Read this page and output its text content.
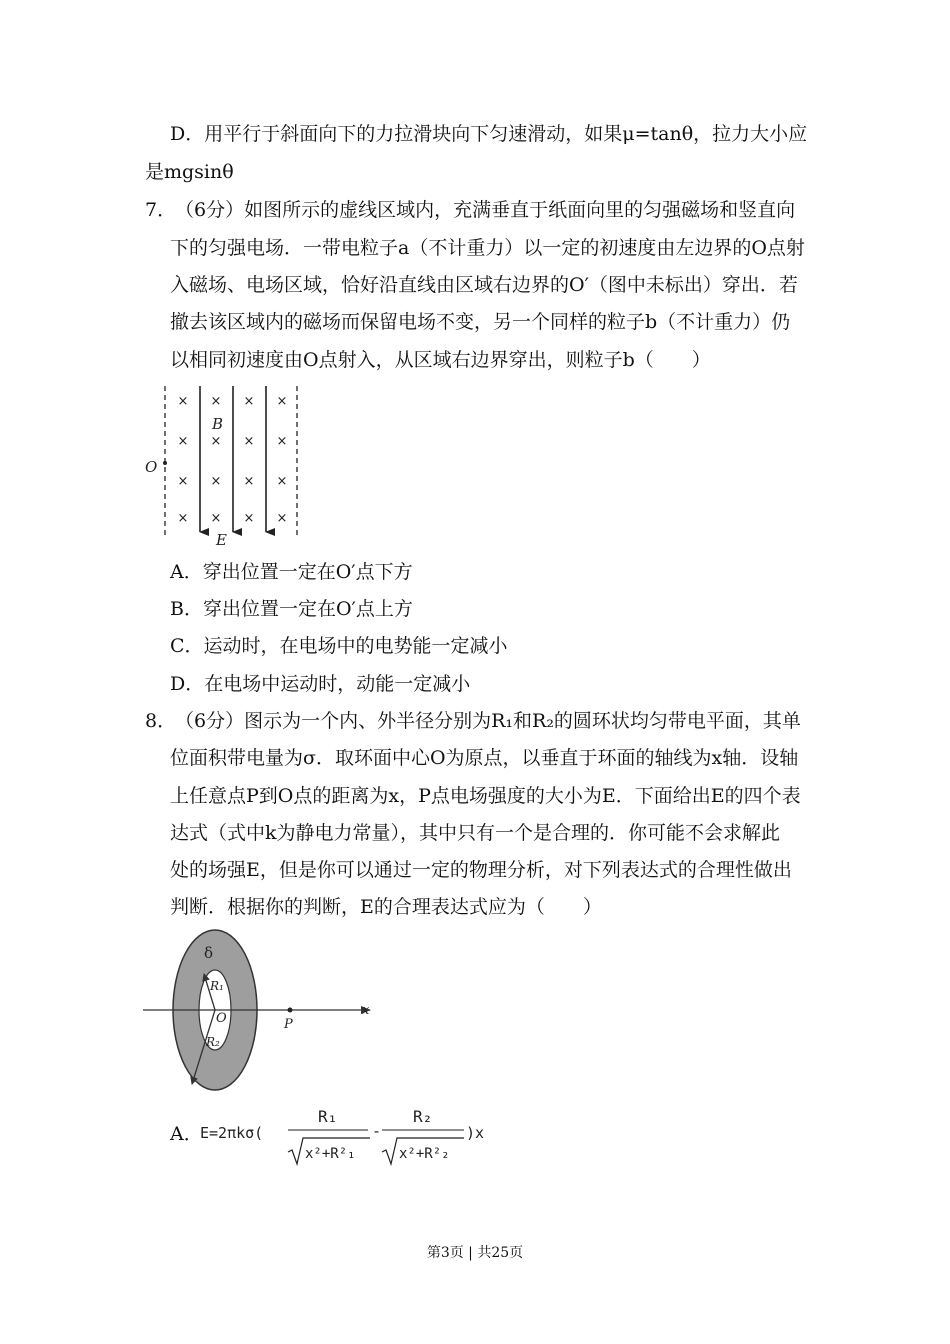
D．用平行于斜面向下的力拉滑块向下匀速滑动，如果μ=tanθ，拉力大小应
是mgsinθ
7．
（6分）如图所示的虚线区域内，充满垂直于纸面向里的匀强磁场和竖直向
下的匀强电场．一带电粒子a（不计重力）以一定的初速度由左边界的O点射
入磁场、电场区域，恰好沿直线由区域右边界的O′（图中未标出）穿出．若
撤去该区域内的磁场而保留电场不变，另一个同样的粒子b（不计重力）仍
以相同初速度由O点射入，从区域右边界穿出，则粒子b（　　）
× × × ×
× × × ×
× × × ×
× × × ×
O
B
E
A．穿出位置一定在O′点下方
B．穿出位置一定在O′点上方
C．运动时，在电场中的电势能一定减小
D．在电场中运动时，动能一定减小
8．
（6分）图示为一个内、外半径分别为R₁和R₂的圆环状均匀带电平面，其单
位面积带电量为σ．取环面中心O为原点，以垂直于环面的轴线为x轴．设轴
上任意点P到O点的距离为x，P点电场强度的大小为E．下面给出E的四个表
达式（式中k为静电力常量），其中只有一个是合理的．你可能不会求解此
处的场强E，但是你可以通过一定的物理分析，对下列表达式的合理性做出
判断．根据你的判断，E的合理表达式应为（　　）
δ
R₁
O
R₂
P
x
A．
E=2πkσ(
R₁
x²+R²₁
-
R₂
x²+R²₂
)x
第3页 | 共25页
